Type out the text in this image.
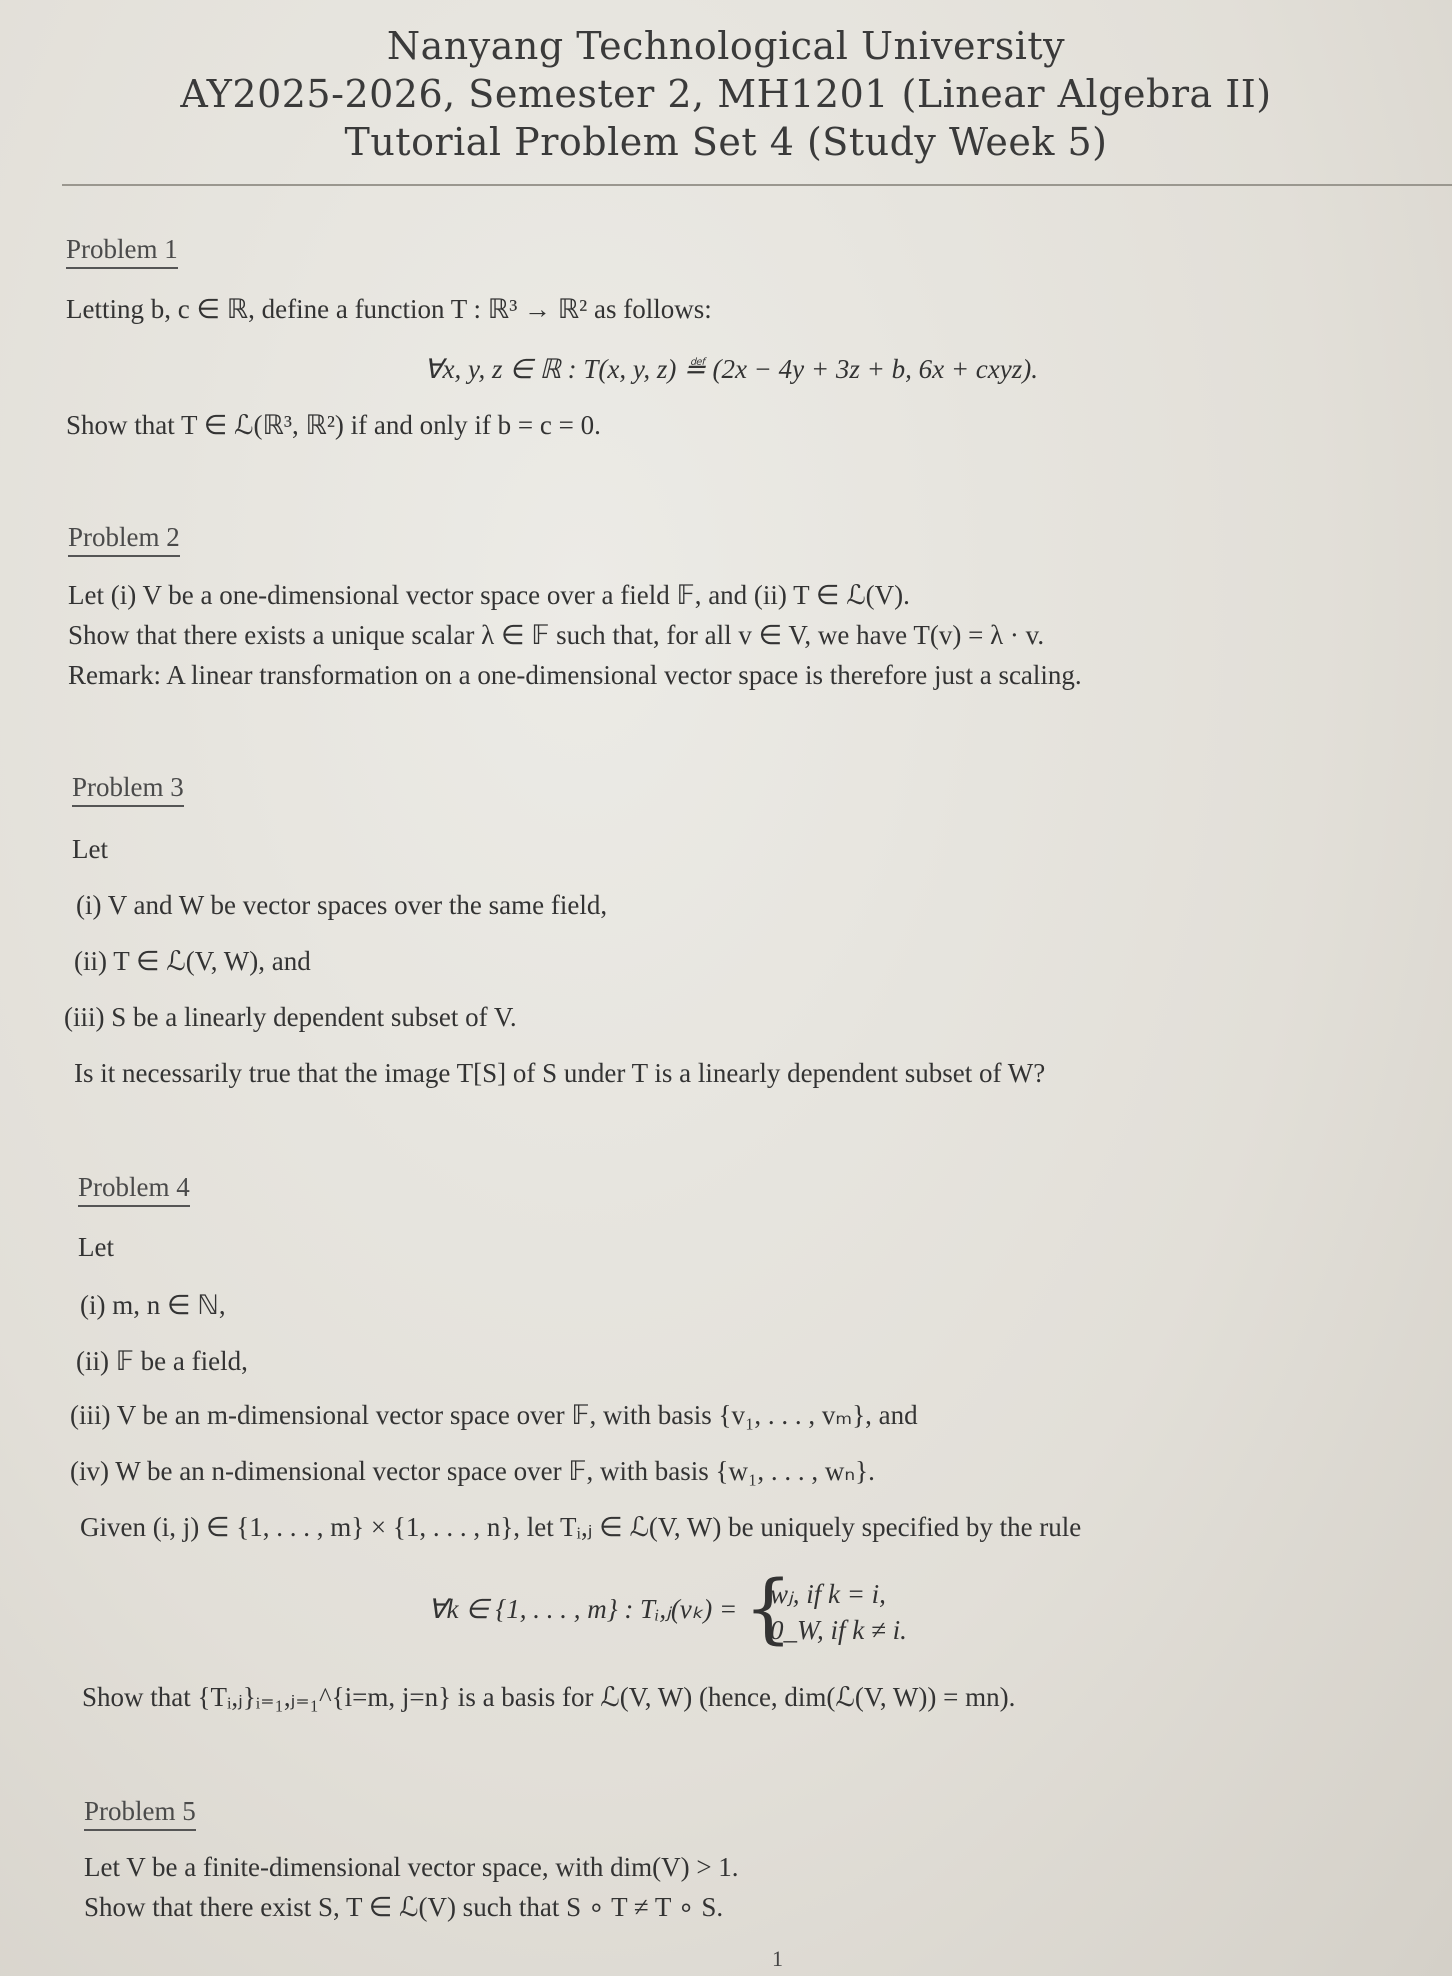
Nanyang Technological University
AY2025-2026, Semester 2, MH1201 (Linear Algebra II)
Tutorial Problem Set 4 (Study Week 5)
Problem 1
Letting b, c ∈ ℝ, define a function T : ℝ³ → ℝ² as follows:
∀x, y, z ∈ ℝ : T(x, y, z) ≝ (2x − 4y + 3z + b, 6x + cxyz).
Show that T ∈ ℒ(ℝ³, ℝ²) if and only if b = c = 0.
Problem 2
Let (i) V be a one-dimensional vector space over a field 𝔽, and (ii) T ∈ ℒ(V).
Show that there exists a unique scalar λ ∈ 𝔽 such that, for all v ∈ V, we have T(v) = λ · v.
Remark: A linear transformation on a one-dimensional vector space is therefore just a scaling.
Problem 3
Let
(i) V and W be vector spaces over the same field,
(ii) T ∈ ℒ(V, W), and
(iii) S be a linearly dependent subset of V.
Is it necessarily true that the image T[S] of S under T is a linearly dependent subset of W?
Problem 4
Let
(i) m, n ∈ ℕ,
(ii) 𝔽 be a field,
(iii) V be an m-dimensional vector space over 𝔽, with basis {v₁, . . . , vₘ}, and
(iv) W be an n-dimensional vector space over 𝔽, with basis {w₁, . . . , wₙ}.
Given (i, j) ∈ {1, . . . , m} × {1, . . . , n}, let Tᵢ,ⱼ ∈ ℒ(V, W) be uniquely specified by the rule
∀k ∈ {1, . . . , m} : Tᵢ,ⱼ(vₖ) = {
wⱼ, if k = i,
0_W, if k ≠ i.
Show that {Tᵢ,ⱼ}ᵢ₌₁,ⱼ₌₁^{i=m, j=n} is a basis for ℒ(V, W) (hence, dim(ℒ(V, W)) = mn).
Problem 5
Let V be a finite-dimensional vector space, with dim(V) > 1.
Show that there exist S, T ∈ ℒ(V) such that S ∘ T ≠ T ∘ S.
1
